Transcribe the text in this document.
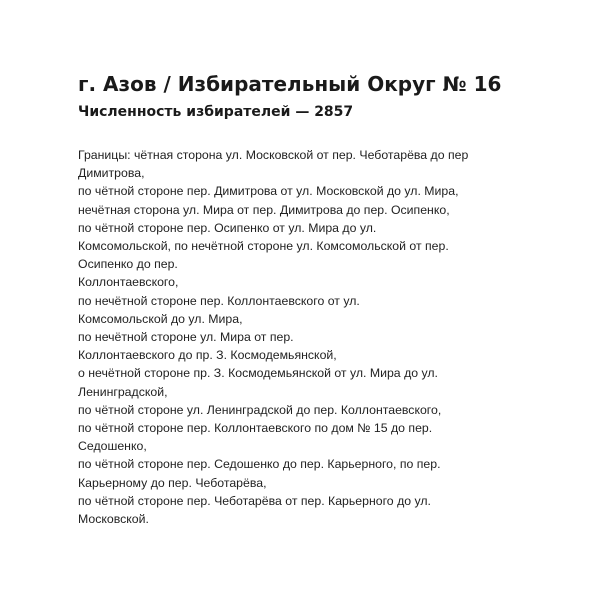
г. Азов / Избирательный Округ № 16
Численность избирателей — 2857
Границы: чётная сторона ул. Московской от пер. Чеботарёва до пер
Димитрова,
по чётной стороне пер. Димитрова от ул. Московской до ул. Мира,
нечётная сторона ул. Мира от пер. Димитрова до пер. Осипенко,
по чётной стороне пер. Осипенко от ул. Мира до ул.
Комсомольской, по нечётной стороне ул. Комсомольской от пер.
Осипенко до пер.
Коллонтаевского,
по нечётной стороне пер. Коллонтаевского от ул.
Комсомольской до ул. Мира,
по нечётной стороне ул. Мира от пер.
Коллонтаевского до пр. З. Космодемьянской,
о нечётной стороне пр. З. Космодемьянской от ул. Мира до ул.
Ленинградской,
по чётной стороне ул. Ленинградской до пер. Коллонтаевского,
по чётной стороне пер. Коллонтаевского по дом № 15 до пер.
Седошенко,
по чётной стороне пер. Седошенко до пер. Карьерного, по пер.
Карьерному до пер. Чеботарёва,
по чётной стороне пер. Чеботарёва от пер. Карьерного до ул.
Московской.
